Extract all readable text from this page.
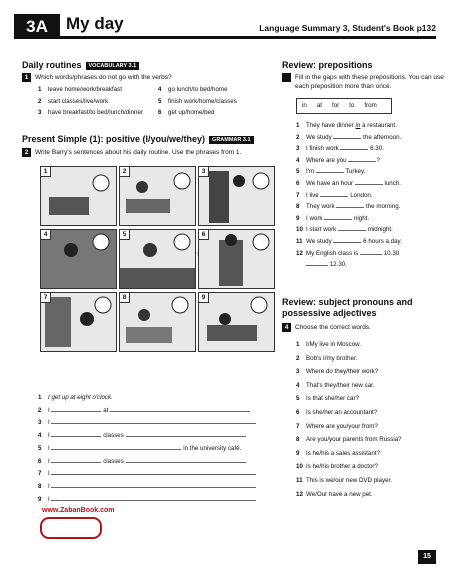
3A	My day	Language Summary 3, Student's Book p132
Daily routines VOCABULARY 3.1
1 Which words/phrases do not go with the verbs?
1 leave home/work/breakfast
2 start classes/live/work
3 have breakfast/to bed/lunch/dinner
4 go lunch/to bed/home
5 finish work/home/classes
6 get up/home/bed
Present Simple (1): positive (I/you/we/they) GRAMMAR 3.1
2 Write Barry's sentences about his daily routine. Use the phrases from 1.
1	2	3
4	5	6
7	8	9
1 I get up at eight o'clock.
2 I	at
3 I
4 I	classes
5 I	in the university café.
6 I	classes
7 I
8 I
9 I
Review: prepositions
3 Fill in the gaps with these prepositions. You can use each preposition more than once.
in at for to from
1 They have dinner in a restaurant.
2 We study	the afternoon.
3 I finish work	6.30.
4 Where are you	?
5 I'm	Turkey.
6 We have an hour	lunch.
7 I live	London.
8 They work	the morning.
9 I work	night.
10 I start work	midnight.
11 We study	6 hours a day.
12 My English class is	10.30
12.30.
Review: subject pronouns and possessive adjectives
4 Choose the correct words.
1 I/My live in Moscow.
2 Bob's I/my brother.
3 Where do they/their work?
4 That's they/their new car.
5 Is that she/her car?
6 Is she/her an accountant?
7 Where are you/your from?
8 Are you/your parents from Russia?
9 Is he/his a sales assistant?
10 Is he/his brother a doctor?
11 This is we/our new DVD player.
12 We/Our have a new pet.
www.ZabanBook.com
15
